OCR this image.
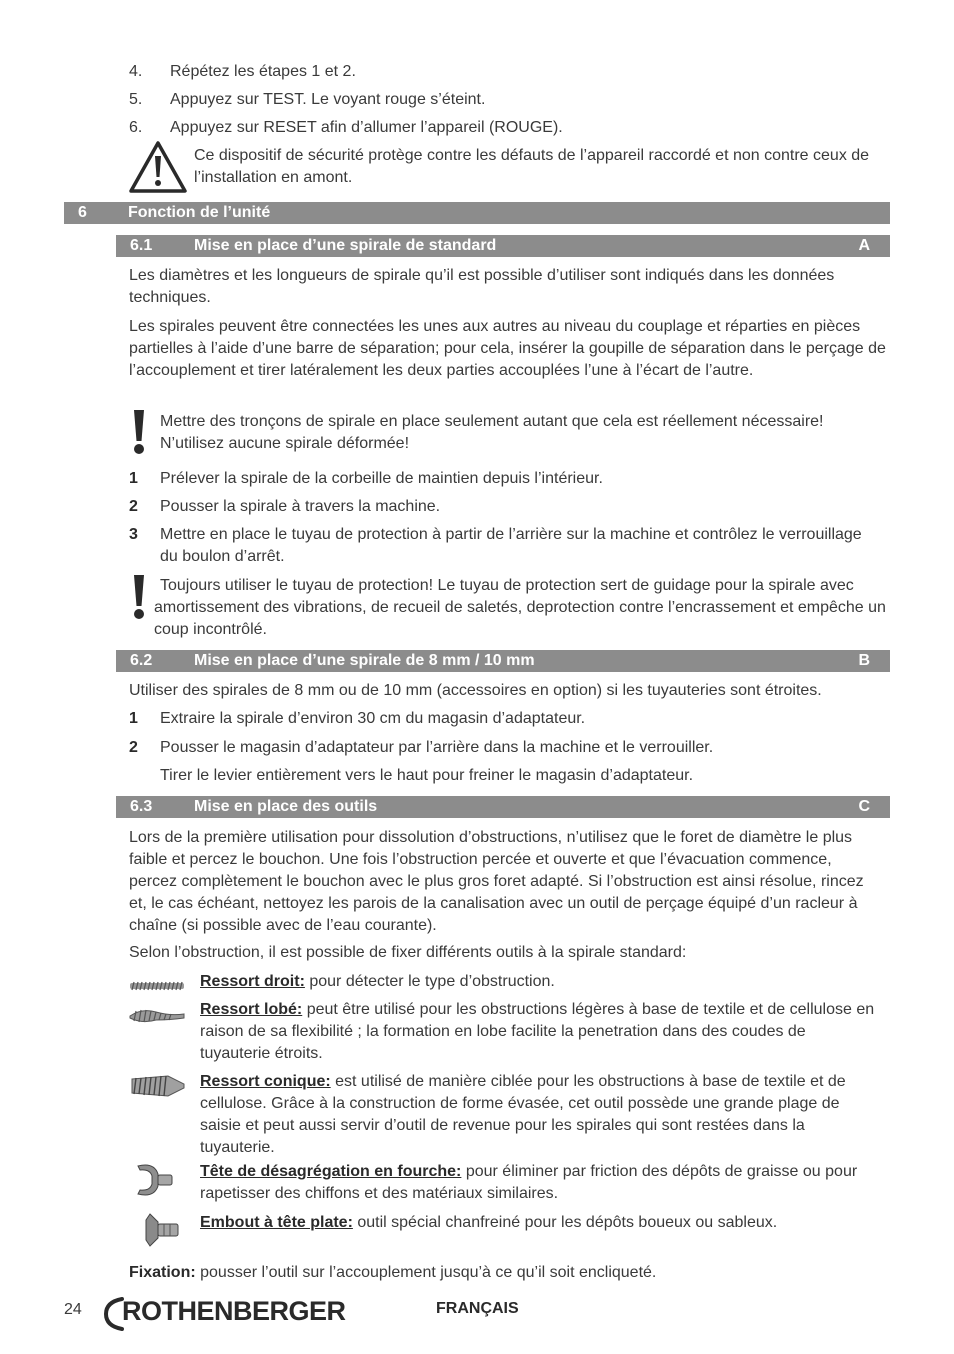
4. Répétez les étapes 1 et 2.
5. Appuyez sur TEST. Le voyant rouge s’éteint.
6. Appuyez sur RESET afin d’allumer l’appareil (ROUGE).
Ce dispositif de sécurité protège contre les défauts de l’appareil raccordé et non contre ceux de l’installation en amont.
6	Fonction de l’unité
6.1	Mise en place d’une spirale de standard	A
Les diamètres et les longueurs de spirale qu’il est possible d’utiliser sont indiqués dans les données techniques.
Les spirales peuvent être connectées les unes aux autres au niveau du couplage et réparties en pièces partielles à l’aide d’une barre de séparation; pour cela, insérer la goupille de séparation dans le perçage de l’accouplement et tirer latéralement les deux parties accouplées l’une à l’écart de l’autre.
Mettre des tronçons de spirale en place seulement autant que cela est réellement nécessaire! N’utilisez aucune spirale déformée!
1 Prélever la spirale de la corbeille de maintien depuis l’intérieur.
2 Pousser la spirale à travers la machine.
3 Mettre en place le tuyau de protection à partir de l’arrière sur la machine et contrôlez le verrouillage du boulon d’arrêt.
Toujours utiliser le tuyau de protection! Le tuyau de protection sert de guidage pour la spirale avec amortissement des vibrations, de recueil de saletés, deprotection contre l’encrassement et empêche un coup incontrôlé.
6.2	Mise en place d’une spirale de 8 mm / 10 mm	B
Utiliser des spirales de 8 mm ou de 10 mm (accessoires en option) si les tuyauteries sont étroites.
1 Extraire la spirale d’environ 30 cm du magasin d’adaptateur.
2 Pousser le magasin d’adaptateur par l’arrière dans la machine et le verrouiller.
Tirer le levier entièrement vers le haut pour freiner le magasin d’adaptateur.
6.3	Mise en place des outils	C
Lors de la première utilisation pour dissolution d’obstructions, n’utilisez que le foret de diamètre le plus faible et percez le bouchon. Une fois l’obstruction percée et ouverte et que l’évacuation commence, percez complètement le bouchon avec le plus gros foret adapté. Si l’obstruction est ainsi résolue, rincez et, le cas échéant, nettoyez les parois de la canalisation avec un outil de perçage équipé d’un racleur à chaîne (si possible avec de l’eau courante).
Selon l’obstruction, il est possible de fixer différents outils à la spirale standard:
Ressort droit: pour détecter le type d’obstruction.
Ressort lobé: peut être utilisé pour les obstructions légères à base de textile et de cellulose en raison de sa flexibilité ; la formation en lobe facilite la penetration dans des coudes de tuyauterie étroits.
Ressort conique: est utilisé de manière ciblée pour les obstructions à base de textile et de cellulose. Grâce à la construction de forme évasée, cet outil possède une grande plage de saisie et peut aussi servir d’outil de revenue pour les spirales qui sont restées dans la tuyauterie.
Tête de désagrégation en fourche: pour éliminer par friction des dépôts de graisse ou pour rapetisser des chiffons et des matériaux similaires.
Embout à tête plate: outil spécial chanfreiné pour les dépôts boueux ou sableux.
Fixation: pousser l’outil sur l’accouplement jusqu’à ce qu’il soit encliqueté.
24 ROTHENBERGER	FRANÇAIS
